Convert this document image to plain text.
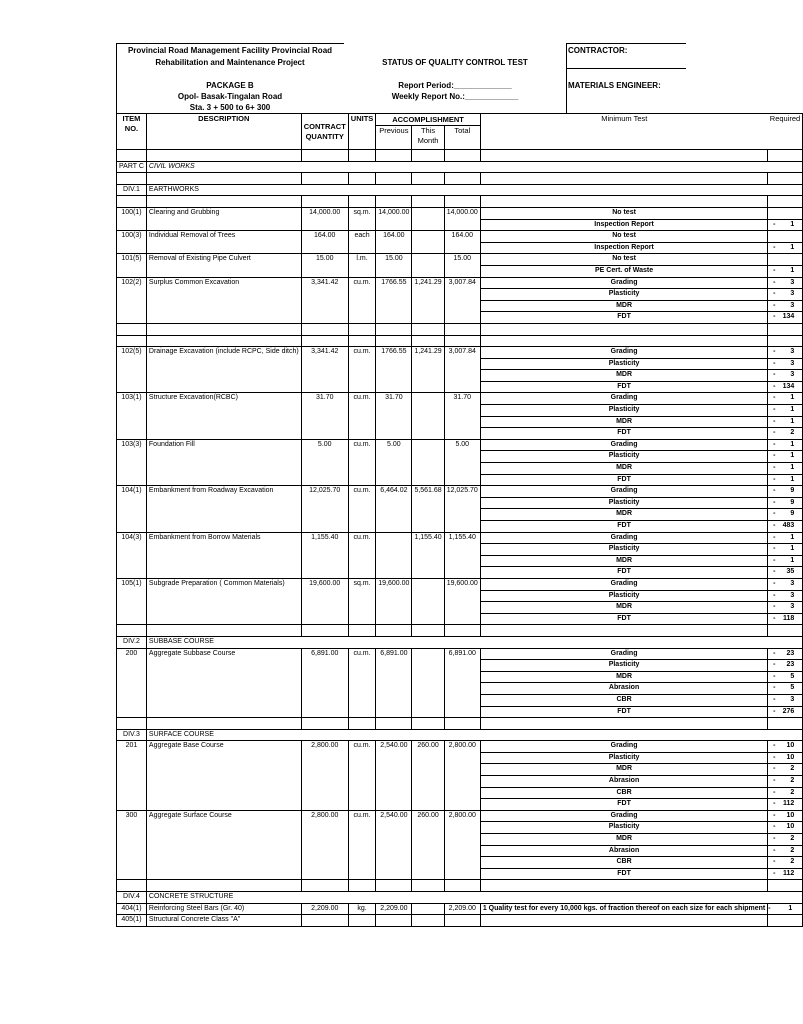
Provincial Road Management Facility Provincial Road
Rehabilitation and Maintenance Project
PACKAGE B
Opol- Basak-Tingalan Road
Sta. 3 + 500 to 6+ 300
STATUS OF QUALITY CONTROL TEST
Report Period:_____________
Weekly Report No.:____________
CONTRACTOR:
MATERIALS ENGINEER:
ITEM NO.	DESCRIPTION	CONTRACT QUANTITY	UNITS	ACCOMPLISHMENT			Minimum Test	Required
				Previous	This Month	Total		

PART C	CIVIL WORKS							

DIV.1	EARTHWORKS							

100(1)	Clearing and Grubbing	14,000.00	sq.m.	14,000.00		14,000.00	No test	
							Inspection Report	- 1
100(3)	Individual Removal of Trees	164.00	each	164.00		164.00	No test	
							Inspection Report	- 1
101(5)	Removal of Existing Pipe Culvert	15.00	l.m.	15.00		15.00	No test	
							PE Cert. of Waste	- 1
102(2)	Surplus Common Excavation	3,341.42	cu.m.	1766.55	1,241.29	3,007.84	Grading	- 3
							Plasticity	- 3
							MDR	- 3
							FDT	- 134

102(5)	Drainage Excavation (include RCPC, Side ditch)	3,341.42	cu.m.	1766.55	1,241.29	3,007.84	Grading	- 3
							Plasticity	- 3
							MDR	- 3
							FDT	- 134
103(1)	Structure Excavation(RCBC)	31.70	cu.m.	31.70		31.70	Grading	- 1
							Plasticity	- 1
							MDR	- 1
							FDT	- 2
103(3)	Foundation Fill	5.00	cu.m.	5.00		5.00	Grading	- 1
							Plasticity	- 1
							MDR	- 1
							FDT	- 1
104(1)	Embankment from Roadway Excavation	12,025.70	cu.m.	6,464.02	5,561.68	12,025.70	Grading	- 9
							Plasticity	- 9
							MDR	- 9
							FDT	- 483
104(3)	Embankment from Borrow Materials	1,155.40	cu.m.		1,155.40	1,155.40	Grading	- 1
							Plasticity	- 1
							MDR	- 1
							FDT	- 35
105(1)	Subgrade Preparation ( Common Materials)	19,600.00	sq.m.	19,600.00		19,600.00	Grading	- 3
							Plasticity	- 3
							MDR	- 3
							FDT	- 118

DIV.2	SUBBASE COURSE							
200	Aggregate Subbase Course	6,891.00	cu.m.	6,891.00		6,891.00	Grading	- 23
							Plasticity	- 23
							MDR	- 5
							Abrasion	- 5
							CBR	- 3
							FDT	- 276

DIV.3	SURFACE COURSE							
201	Aggregate Base Course	2,800.00	cu.m.	2,540.00	260.00	2,800.00	Grading	- 10
							Plasticity	- 10
							MDR	- 2
							Abrasion	- 2
							CBR	- 2
							FDT	- 112
300	Aggregate Surface Course	2,800.00	cu.m.	2,540.00	260.00	2,800.00	Grading	- 10
							Plasticity	- 10
							MDR	- 2
							Abrasion	- 2
							CBR	- 2
							FDT	- 112

DIV.4	CONCRETE STRUCTURE							
404(1)	Reinforcing Steel Bars (Gr. 40)	2,209.00	kg.	2,209.00		2,209.00	1 Quality test for every 10,000 kgs. of fraction thereof on each size for each shipment	- 1

405(1)	Structural Concrete Class "A"							
